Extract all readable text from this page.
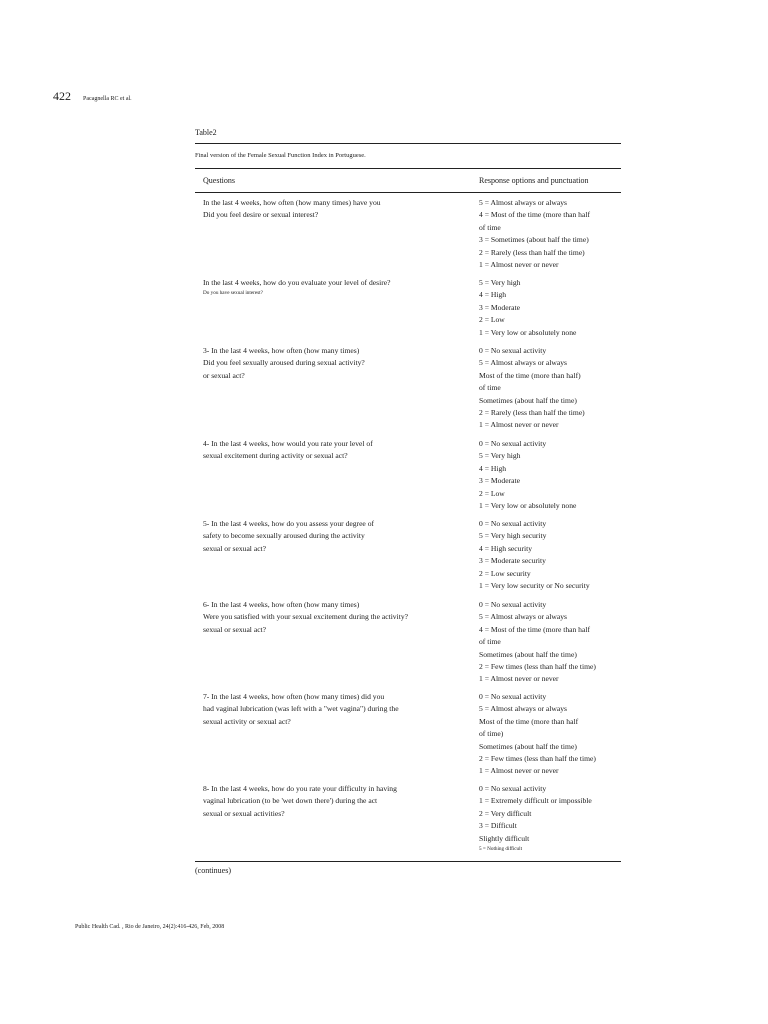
422 Pacagnella RC et al.
Table2
Final version of the Female Sexual Function Index in Portuguese.
Questions	Response options and punctuation
In the last 4 weeks, how often (how many times) have you
Did you feel desire or sexual interest?
5 = Almost always or always
4 = Most of the time (more than half
of time
3 = Sometimes (about half the time)
2 = Rarely (less than half the time)
1 = Almost never or never
In the last 4 weeks, how do you evaluate your level of desire?
Do you have sexual interest?
5 = Very high
4 = High
3 = Moderate
2 = Low
1 = Very low or absolutely none
3- In the last 4 weeks, how often (how many times)
Did you feel sexually aroused during sexual activity?
or sexual act?
0 = No sexual activity
5 = Almost always or always
Most of the time (more than half)
of time
Sometimes (about half the time)
2 = Rarely (less than half the time)
1 = Almost never or never
4- In the last 4 weeks, how would you rate your level of
sexual excitement during activity or sexual act?
0 = No sexual activity
5 = Very high
4 = High
3 = Moderate
2 = Low
1 = Very low or absolutely none
5- In the last 4 weeks, how do you assess your degree of
safety to become sexually aroused during the activity
sexual or sexual act?
0 = No sexual activity
5 = Very high security
4 = High security
3 = Moderate security
2 = Low security
1 = Very low security or No security
6- In the last 4 weeks, how often (how many times)
Were you satisfied with your sexual excitement during the activity?
sexual or sexual act?
0 = No sexual activity
5 = Almost always or always
4 = Most of the time (more than half
of time
Sometimes (about half the time)
2 = Few times (less than half the time)
1 = Almost never or never
7- In the last 4 weeks, how often (how many times) did you
had vaginal lubrication (was left with a "wet vagina") during the
sexual activity or sexual act?
0 = No sexual activity
5 = Almost always or always
Most of the time (more than half
of time)
Sometimes (about half the time)
2 = Few times (less than half the time)
1 = Almost never or never
8- In the last 4 weeks, how do you rate your difficulty in having
vaginal lubrication (to be 'wet down there') during the act
sexual or sexual activities?
0 = No sexual activity
1 = Extremely difficult or impossible
2 = Very difficult
3 = Difficult
Slightly difficult
5 = Nothing difficult
(continues)
Public Health Cad. , Rio de Janeiro, 24(2):416-426, Feb, 2008
